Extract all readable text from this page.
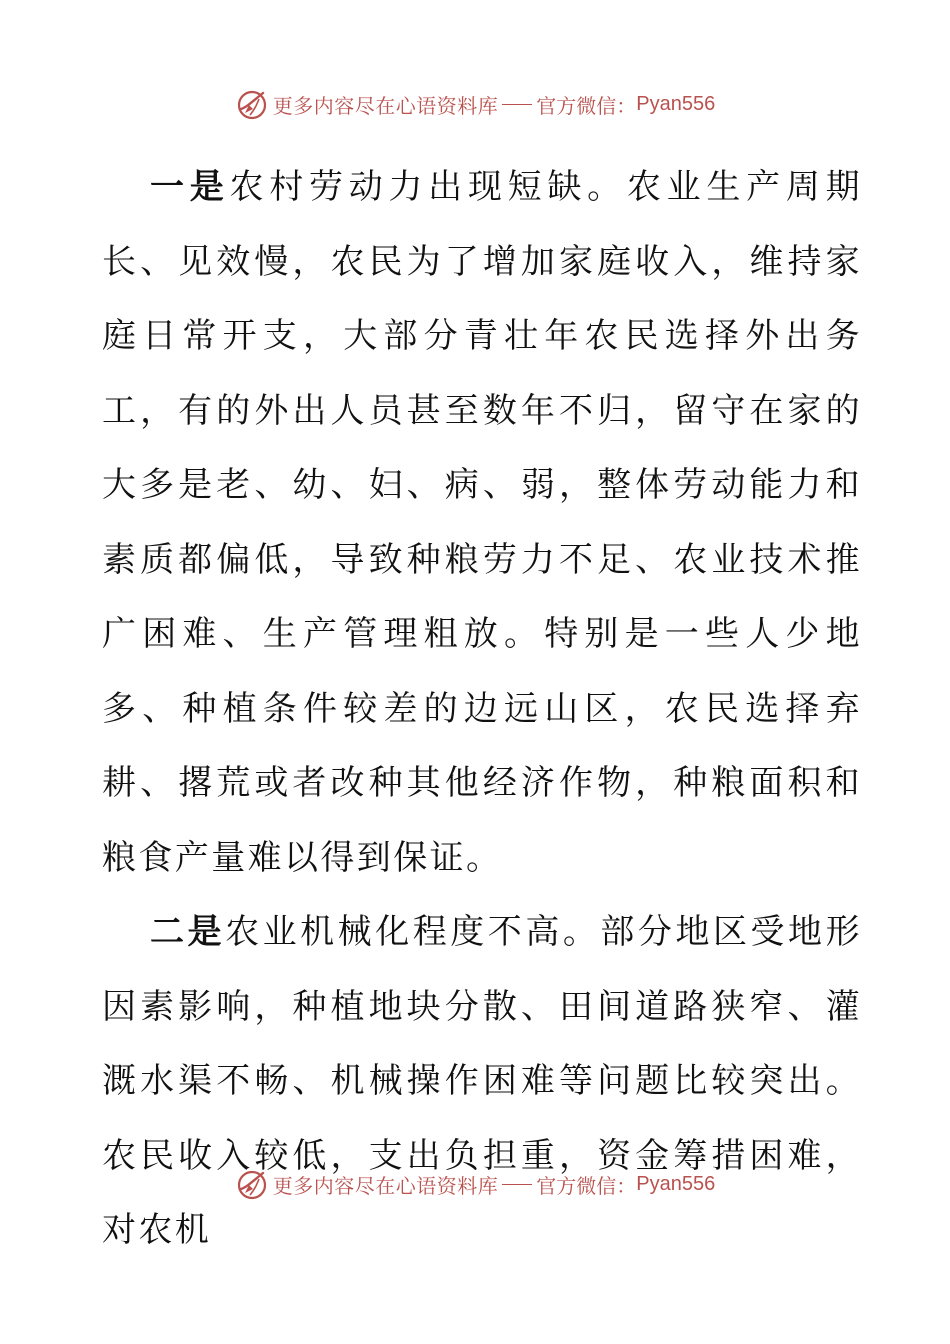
更多内容尽在心语资料库 官方微信： Pyan556

一是农村劳动力出现短缺。农业生产周期长、见效慢，农民为了增加家庭收入，维持家庭日常开支，大部分青壮年农民选择外出务工，有的外出人员甚至数年不归，留守在家的大多是老、幼、妇、病、弱，整体劳动能力和素质都偏低，导致种粮劳力不足、农业技术推广困难、生产管理粗放。特别是一些人少地多、种植条件较差的边远山区，农民选择弃耕、撂荒或者改种其他经济作物，种粮面积和粮食产量难以得到保证。

二是农业机械化程度不高。部分地区受地形因素影响，种植地块分散、田间道路狭窄、灌溉水渠不畅、机械操作困难等问题比较突出。农民收入较低，支出负担重，资金筹措困难，对农机

更多内容尽在心语资料库 官方微信： Pyan556
